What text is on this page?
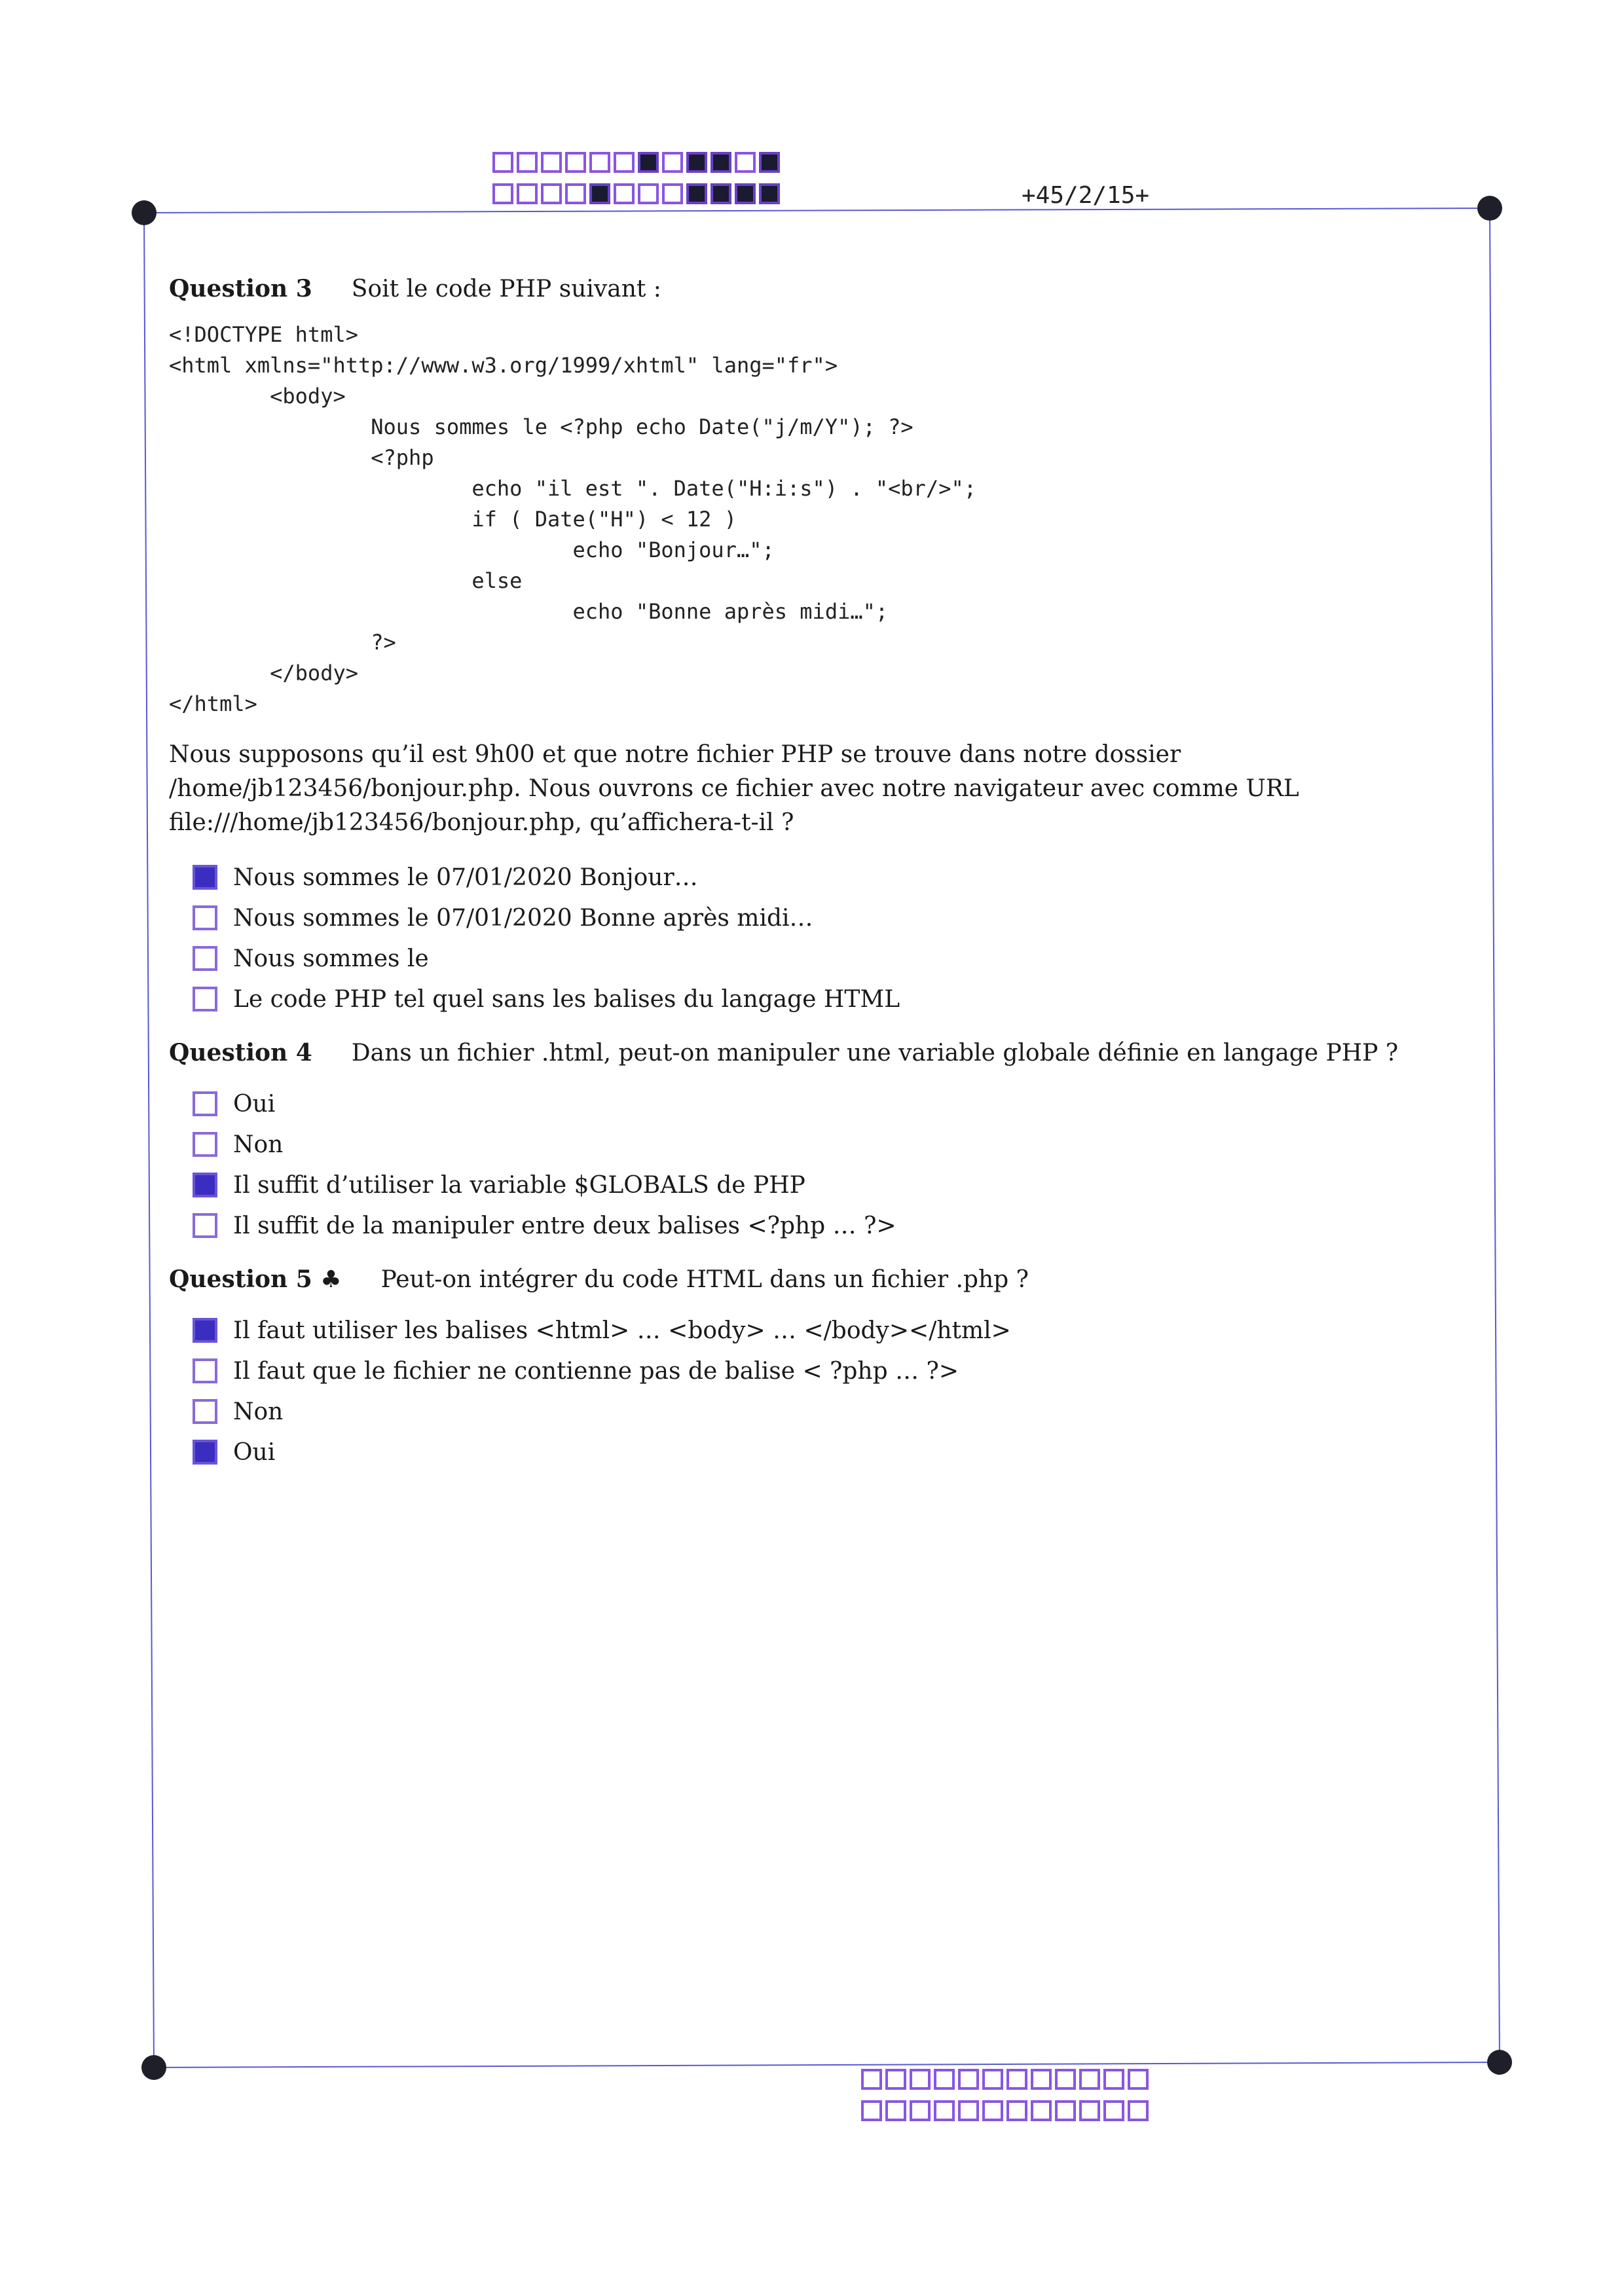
+45/2/15+
Question 3 Soit le code PHP suivant :
<!DOCTYPE html>
<html xmlns="http://www.w3.org/1999/xhtml" lang="fr">
<body>
Nous sommes le <?php echo Date("j/m/Y"); ?>
<?php
echo "il est ". Date("H:i:s") . "<br/>";
if ( Date("H") < 12 )
echo "Bonjour…";
else
echo "Bonne après midi…";
?>
</body>
</html>
Nous supposons qu’il est 9h00 et que notre fichier PHP se trouve dans notre dossier /home/jb123456/bonjour.php. Nous ouvrons ce fichier avec notre navigateur avec comme URL file:///home/jb123456/bonjour.php, qu’affichera-t-il ?
Nous sommes le 07/01/2020 Bonjour…
Nous sommes le 07/01/2020 Bonne après midi…
Nous sommes le
Le code PHP tel quel sans les balises du langage HTML
Question 4 Dans un fichier .html, peut-on manipuler une variable globale définie en langage PHP ?
Oui
Non
Il suffit d’utiliser la variable $GLOBALS de PHP
Il suffit de la manipuler entre deux balises <?php … ?>
Question 5 ♣ Peut-on intégrer du code HTML dans un fichier .php ?
Il faut utiliser les balises <html> … <body> … </body></html>
Il faut que le fichier ne contienne pas de balise < ?php … ?>
Non
Oui
